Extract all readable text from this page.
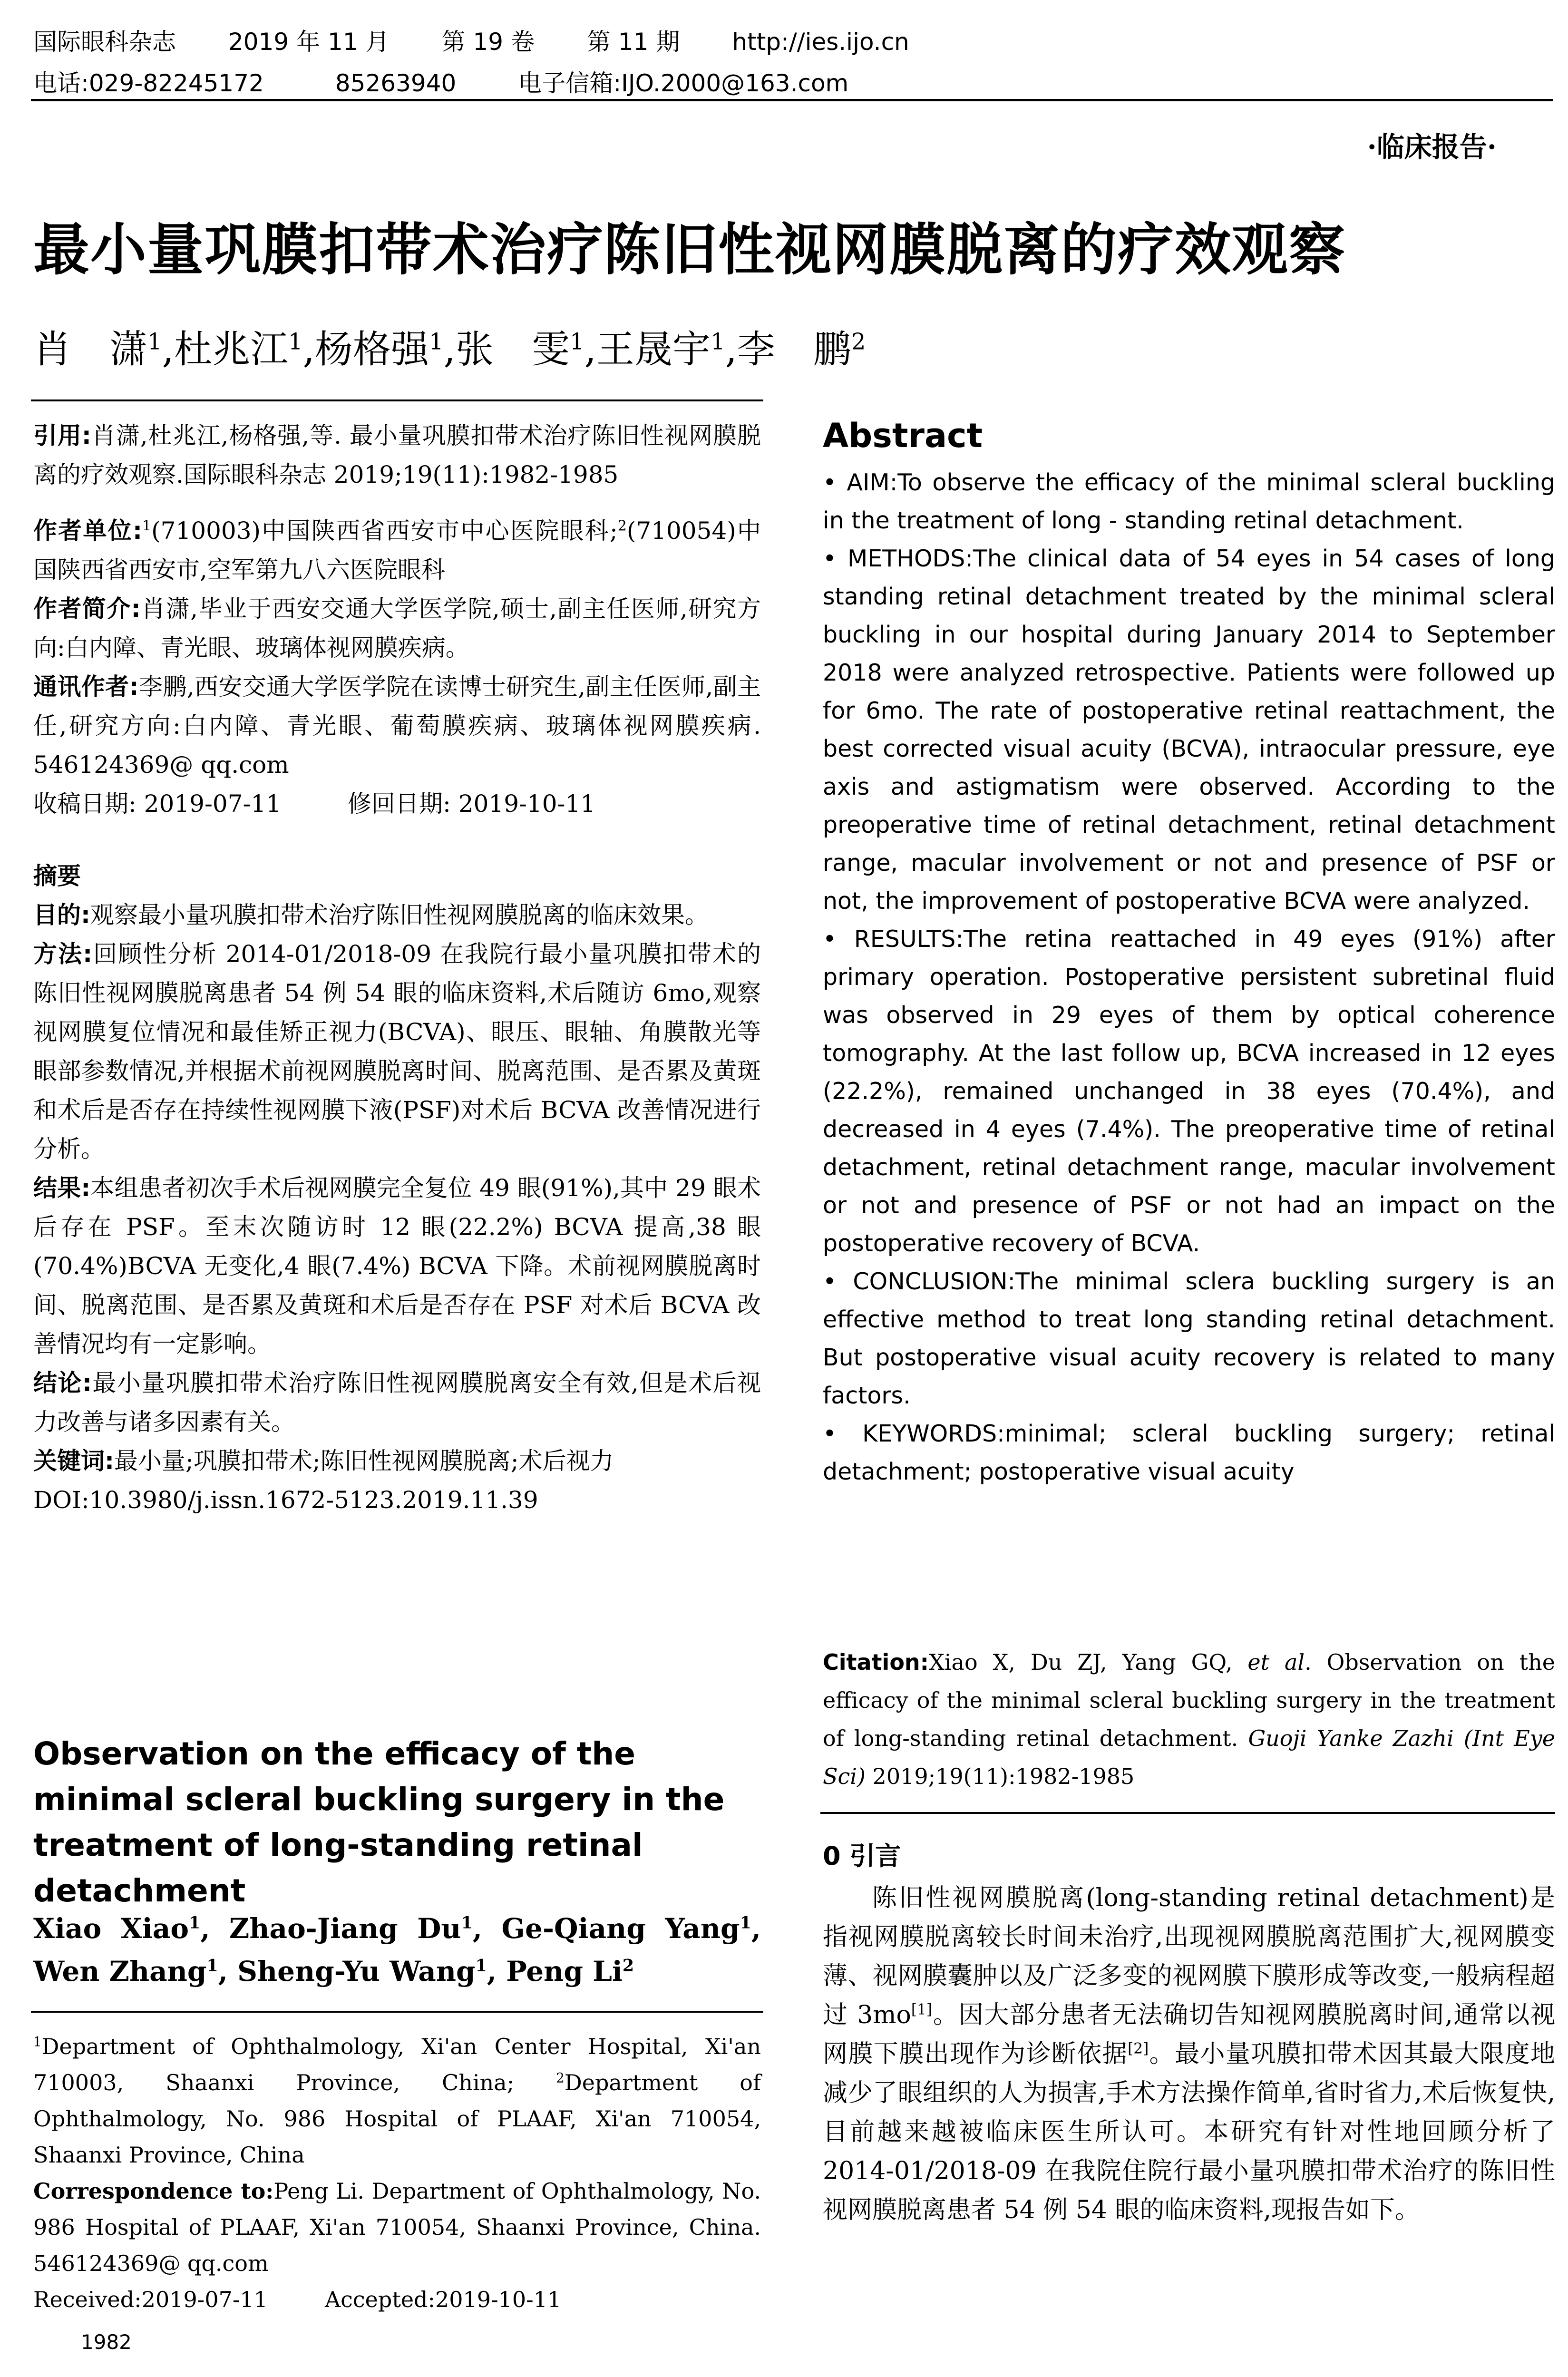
国际眼科杂志 2019 年 11 月 第 19 卷 第 11 期 http://ies.ijo.cn
电话:029-82245172	85263940	电子信箱:IJO.2000@163.com
·临床报告·
最小量巩膜扣带术治疗陈旧性视网膜脱离的疗效观察
肖　潇$^1$,杜兆江$^1$,杨格强$^1$,张　雯$^1$,王晟宇$^1$,李　鹏$^2$
引用:肖潇,杜兆江,杨格强,等. 最小量巩膜扣带术治疗陈旧性视网膜脱离的疗效观察.国际眼科杂志 2019;19(11):1982-1985
作者单位:$^1$(710003)中国陕西省西安市中心医院眼科;$^2$(710054)中国陕西省西安市,空军第九八六医院眼科
作者简介:肖潇,毕业于西安交通大学医学院,硕士,副主任医师,研究方向:白内障、青光眼、玻璃体视网膜疾病。
通讯作者:李鹏,西安交通大学医学院在读博士研究生,副主任医师,副主任,研究方向:白内障、青光眼、葡萄膜疾病、玻璃体视网膜疾病. 546124369@ qq.com
收稿日期: 2019-07-11	修回日期: 2019-10-11
摘要
目的:观察最小量巩膜扣带术治疗陈旧性视网膜脱离的临床效果。
方法:回顾性分析 2014-01/2018-09 在我院行最小量巩膜扣带术的陈旧性视网膜脱离患者 54 例 54 眼的临床资料,术后随访 6mo,观察视网膜复位情况和最佳矫正视力(BCVA)、眼压、眼轴、角膜散光等眼部参数情况,并根据术前视网膜脱离时间、脱离范围、是否累及黄斑和术后是否存在持续性视网膜下液(PSF)对术后 BCVA 改善情况进行分析。
结果:本组患者初次手术后视网膜完全复位 49 眼(91%),其中 29 眼术后存在 PSF。至末次随访时 12 眼(22.2%) BCVA 提高,38 眼(70.4%)BCVA 无变化,4 眼(7.4%) BCVA 下降。术前视网膜脱离时间、脱离范围、是否累及黄斑和术后是否存在 PSF 对术后 BCVA 改善情况均有一定影响。
结论:最小量巩膜扣带术治疗陈旧性视网膜脱离安全有效,但是术后视力改善与诸多因素有关。
关键词:最小量;巩膜扣带术;陈旧性视网膜脱离;术后视力
DOI:10.3980/j.issn.1672-5123.2019.11.39
Observation on the efficacy of the minimal scleral buckling surgery in the treatment of long-standing retinal detachment
Xiao Xiao$^1$, Zhao-Jiang Du$^1$, Ge-Qiang Yang$^1$, Wen Zhang$^1$, Sheng-Yu Wang$^1$, Peng Li$^2$
$^1$Department of Ophthalmology, Xi'an Center Hospital, Xi'an 710003, Shaanxi Province, China;	$^2$Department of Ophthalmology, No. 986 Hospital of PLAAF, Xi'an 710054, Shaanxi Province, China
Correspondence to:Peng Li. Department of Ophthalmology, No. 986 Hospital of PLAAF, Xi'an 710054, Shaanxi Province, China. 546124369@ qq.com
Received:2019-07-11	Accepted:2019-10-11
Abstract
• AIM:To observe the efficacy of the minimal scleral buckling in the treatment of long - standing retinal detachment.
• METHODS:The clinical data of 54 eyes in 54 cases of long standing retinal detachment treated by the minimal scleral buckling in our hospital during January 2014 to September 2018 were analyzed retrospective. Patients were followed up for 6mo. The rate of postoperative retinal reattachment, the best corrected visual acuity (BCVA), intraocular pressure, eye axis and astigmatism were observed. According to the preoperative time of retinal detachment, retinal detachment range, macular involvement or not and presence of PSF or not, the improvement of postoperative BCVA were analyzed.
• RESULTS:The retina reattached in 49 eyes (91%) after primary operation. Postoperative persistent subretinal fluid was observed in 29 eyes of them by optical coherence tomography. At the last follow up, BCVA increased in 12 eyes (22.2%), remained unchanged in 38 eyes (70.4%), and decreased in 4 eyes (7.4%). The preoperative time of retinal detachment, retinal detachment range, macular involvement or not and presence of PSF or not had an impact on the postoperative recovery of BCVA.
• CONCLUSION:The minimal sclera buckling surgery is an effective method to treat long standing retinal detachment. But postoperative visual acuity recovery is related to many factors.
• KEYWORDS:minimal; scleral buckling surgery; retinal detachment; postoperative visual acuity
Citation:Xiao X, Du ZJ, Yang GQ, et al. Observation on the efficacy of the minimal scleral buckling surgery in the treatment of long-standing retinal detachment. Guoji Yanke Zazhi (Int Eye Sci) 2019;19(11):1982-1985
0 引言
陈旧性视网膜脱离(long-standing retinal detachment)是指视网膜脱离较长时间未治疗,出现视网膜脱离范围扩大,视网膜变薄、视网膜囊肿以及广泛多变的视网膜下膜形成等改变,一般病程超过 3mo[1]。因大部分患者无法确切告知视网膜脱离时间,通常以视网膜下膜出现作为诊断依据[2]。最小量巩膜扣带术因其最大限度地减少了眼组织的人为损害,手术方法操作简单,省时省力,术后恢复快,目前越来越被临床医生所认可。本研究有针对性地回顾分析了 2014-01/2018-09 在我院住院行最小量巩膜扣带术治疗的陈旧性视网膜脱离患者 54 例 54 眼的临床资料,现报告如下。
1982
